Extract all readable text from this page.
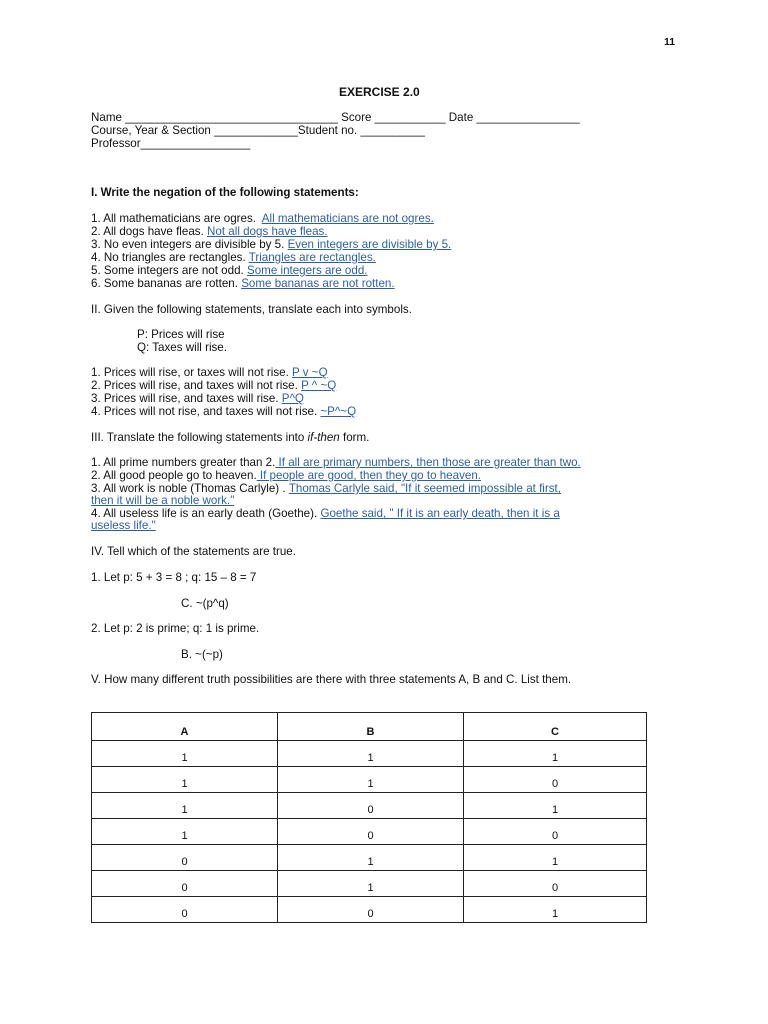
11
EXERCISE 2.0
Name _________________________________ Score ___________ Date ________________
Course, Year & Section _____________Student no. __________
Professor_________________
I. Write the negation of the following statements:
1. All mathematicians are ogres. All mathematicians are not ogres.
2. All dogs have fleas. Not all dogs have fleas.
3. No even integers are divisible by 5. Even integers are divisible by 5.
4. No triangles are rectangles. Triangles are rectangles.
5. Some integers are not odd. Some integers are odd.
6. Some bananas are rotten. Some bananas are not rotten.
II. Given the following statements, translate each into symbols.
P: Prices will rise
Q: Taxes will rise.
1. Prices will rise, or taxes will not rise. P v ~Q
2. Prices will rise, and taxes will not rise. P ^ ~Q
3. Prices will rise, and taxes will rise. P^Q
4. Prices will not rise, and taxes will not rise. ~P^~Q
III. Translate the following statements into if-then form.
1. All prime numbers greater than 2. If all are primary numbers, then those are greater than two.
2. All good people go to heaven. If people are good, then they go to heaven.
3. All work is noble (Thomas Carlyle) . Thomas Carlyle said, "If it seemed impossible at first,
then it will be a noble work."
4. All useless life is an early death (Goethe). Goethe said, " If it is an early death, then it is a
useless life."
IV. Tell which of the statements are true.
1. Let p: 5 + 3 = 8 ; q: 15 – 8 = 7
C. ~(p^q)
2. Let p: 2 is prime; q: 1 is prime.
B. ~(~p)
V. How many different truth possibilities are there with three statements A, B and C. List them.
A	B	C
1	1	1
1	1	0
1	0	1
1	0	0
0	1	1
0	1	0
0	0	1
